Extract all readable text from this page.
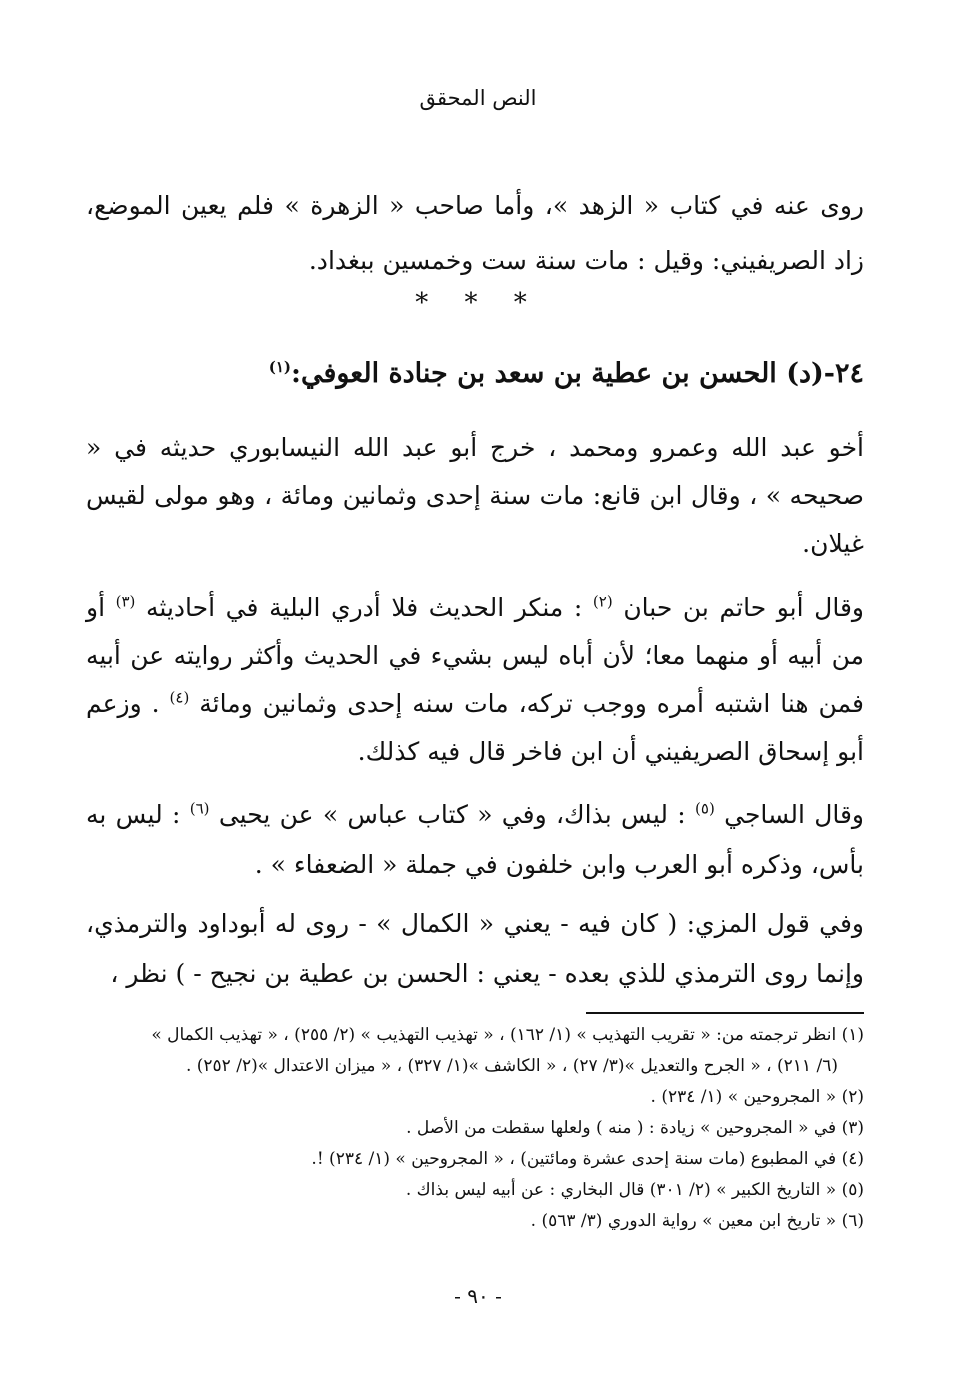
النص المحقق
روى عنه في كتاب « الزهد »، وأما صاحب « الزهرة » فلم يعين الموضع، زاد الصريفيني: وقيل : مات سنة ست وخمسين ببغداد.
* * *
٢٤-(د) الحسن بن عطية بن سعد بن جنادة العوفي:$^{(١)}$
أخو عبد الله وعمرو ومحمد ، خرج أبو عبد الله النيسابوري حديثه في « صحيحه » ، وقال ابن قانع: مات سنة إحدى وثمانين ومائة ، وهو مولى لقيس غيلان.
وقال أبو حاتم بن حبان $^{(٢)}$ : منكر الحديث فلا أدري البلية في أحاديثه $^{(٣)}$ أو من أبيه أو منهما معا؛ لأن أباه ليس بشيء في الحديث وأكثر روايته عن أبيه فمن هنا اشتبه أمره ووجب تركه، مات سنه إحدى وثمانين ومائة $^{(٤)}$ . وزعم أبو إسحاق الصريفيني أن ابن فاخر قال فيه كذلك.
وقال الساجي $^{(٥)}$ : ليس بذاك، وفي « كتاب عباس » عن يحيى $^{(٦)}$ : ليس به بأس، وذكره أبو العرب وابن خلفون في جملة « الضعفاء » .
وفي قول المزي: ( كان فيه - يعني « الكمال » - روى له أبوداود والترمذي، وإنما روى الترمذي للذي بعده - يعني : الحسن بن عطية بن نجيح - ) نظر ،
(١) انظر ترجمته من: « تقريب التهذيب » (١/ ١٦٢) ، « تهذيب التهذيب » (٢/ ٢٥٥) ، « تهذيب الكمال »
(٦/ ٢١١) ، « الجرح والتعديل »(٣/ ٢٧) ، « الكاشف »(١/ ٣٢٧) ، « ميزان الاعتدال »(٢/ ٢٥٢) .
(٢) « المجروحين » (١/ ٢٣٤) .
(٣) في « المجروحين » زيادة : ( منه ) ولعلها سقطت من الأصل .
(٤) في المطبوع (مات سنة إحدى عشرة ومائتين) ، « المجروحين » (١/ ٢٣٤) !.
(٥) « التاريخ الكبير » (٢/ ٣٠١) قال البخاري : عن أبيه ليس بذاك .
(٦) « تاريخ ابن معين » رواية الدوري (٣/ ٥٦٣) .
- ٩٠ -
